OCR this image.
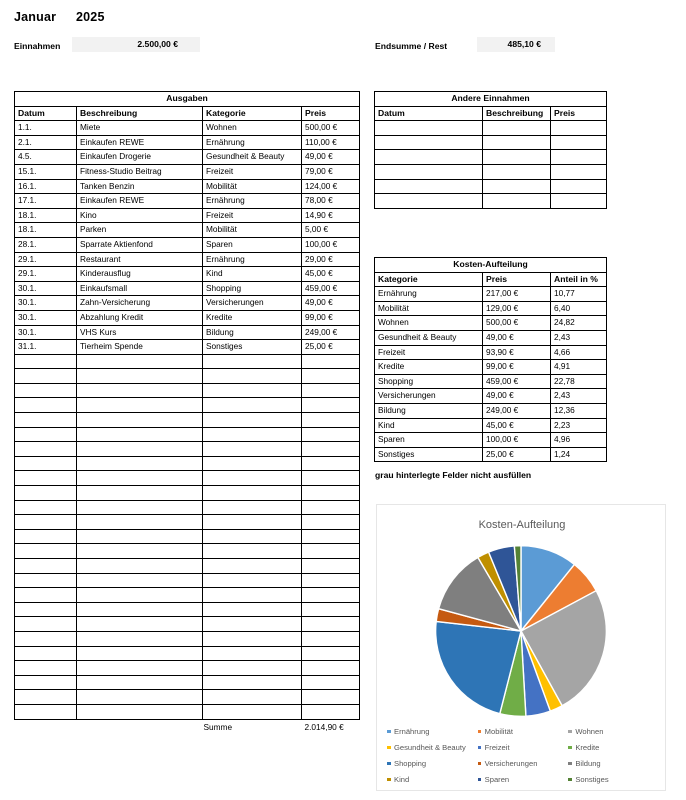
Januar 2025
Einnahmen	2.500,00 €	Endsumme / Rest	485,10 €
Ausgaben			
Datum	Beschreibung	Kategorie	Preis
1.1.	Miete	Wohnen	500,00 €
2.1.	Einkaufen REWE	Ernährung	110,00 €
4.5.	Einkaufen Drogerie	Gesundheit & Beauty	49,00 €
15.1.	Fitness-Studio Beitrag	Freizeit	79,00 €
16.1.	Tanken Benzin	Mobilität	124,00 €
17.1.	Einkaufen REWE	Ernährung	78,00 €
18.1.	Kino	Freizeit	14,90 €
18.1.	Parken	Mobilität	5,00 €
28.1.	Sparrate Aktienfond	Sparen	100,00 €
29.1.	Restaurant	Ernährung	29,00 €
29.1.	Kinderausflug	Kind	45,00 €
30.1.	Einkaufsmall	Shopping	459,00 €
30.1.	Zahn-Versicherung	Versicherungen	49,00 €
30.1.	Abzahlung Kredit	Kredite	99,00 €
30.1.	VHS Kurs	Bildung	249,00 €
31.1.	Tierheim Spende	Sonstiges	25,00 €

		Summe	2.014,90 €
Andere Einnahmen		
Datum	Beschreibung	Preis

Kosten-Aufteilung		
Kategorie	Preis	Anteil in %
Ernährung	217,00 €	10,77
Mobilität	129,00 €	6,40
Wohnen	500,00 €	24,82
Gesundheit & Beauty	49,00 €	2,43
Freizeit	93,90 €	4,66
Kredite	99,00 €	4,91
Shopping	459,00 €	22,78
Versicherungen	49,00 €	2,43
Bildung	249,00 €	12,36
Kind	45,00 €	2,23
Sparen	100,00 €	4,96
Sonstiges	25,00 €	1,24
grau hinterlegte Felder nicht ausfüllen
Kosten-Aufteilung
Ernährung	Mobilität	Wohnen
Gesundheit & Beauty Freizeit	Kredite
Shopping	Versicherungen	Bildung
Kind	Sparen	Sonstiges
